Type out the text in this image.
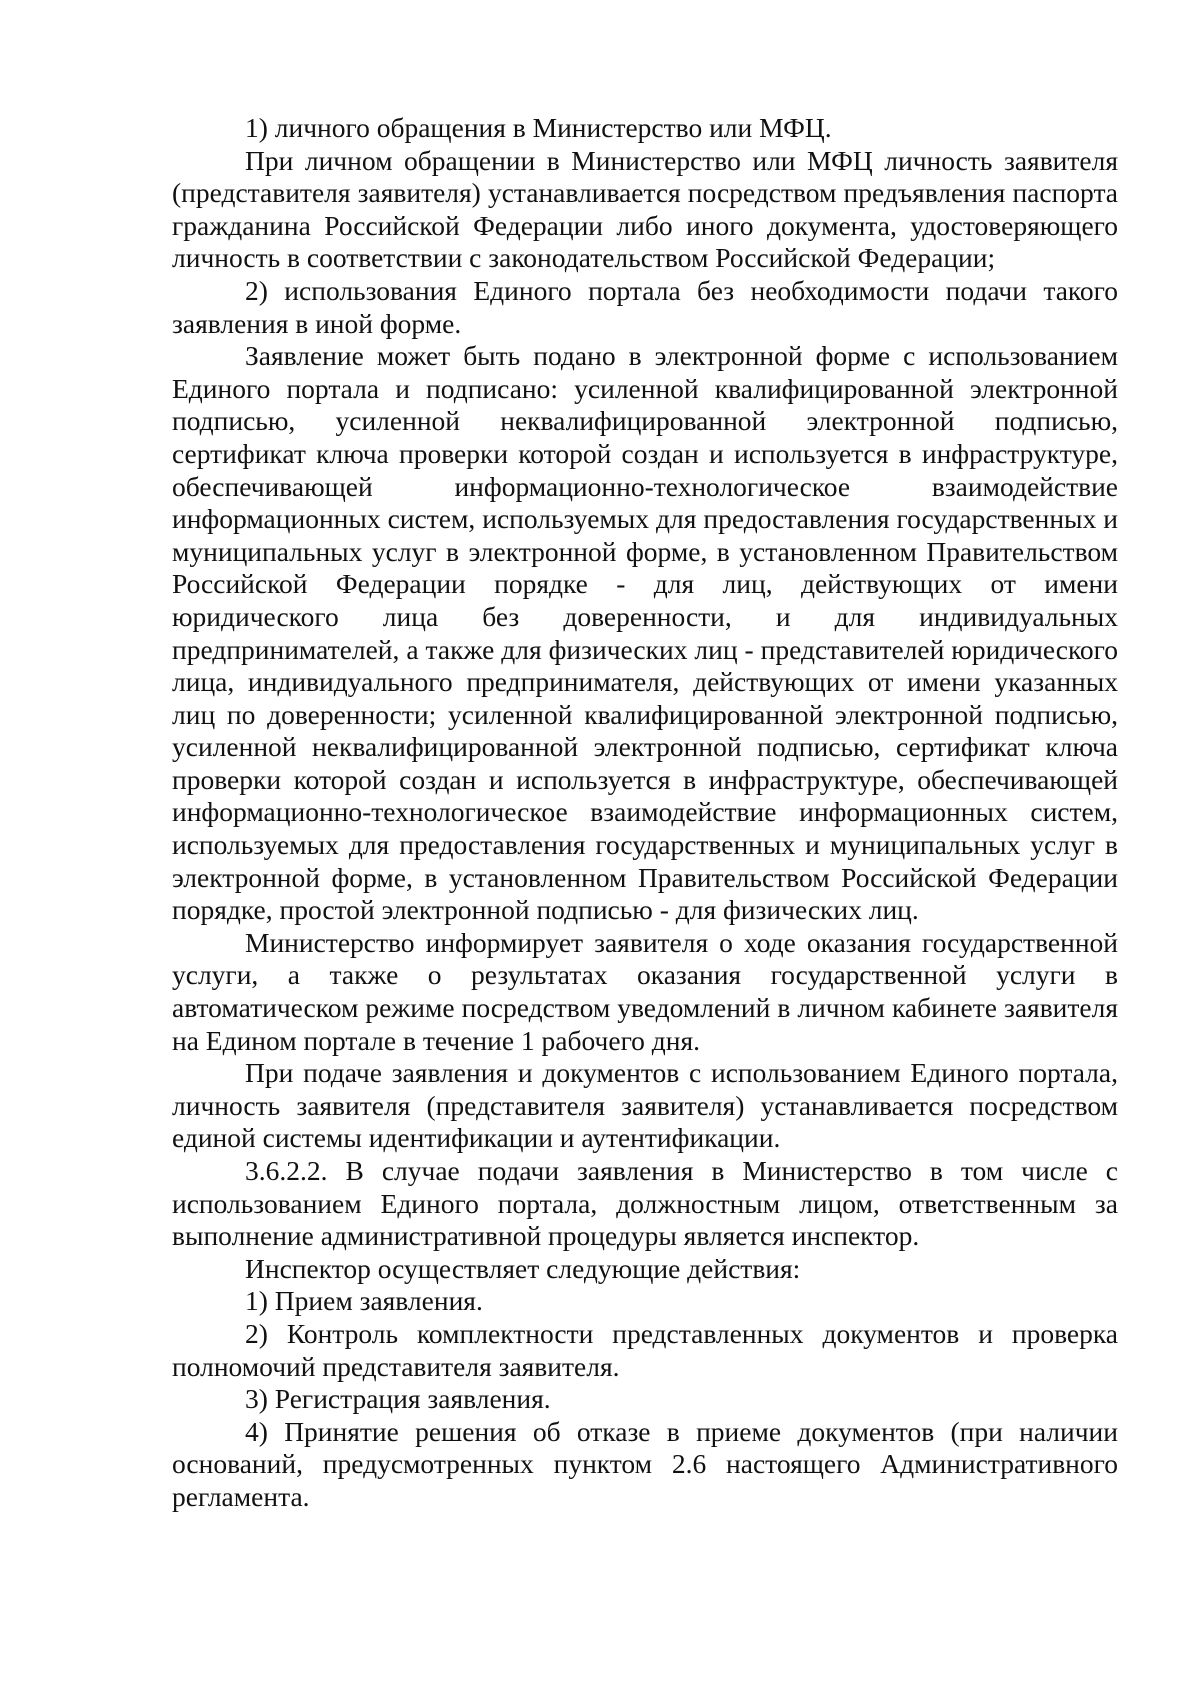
1) личного обращения в Министерство или МФЦ.

При личном обращении в Министерство или МФЦ личность заявителя (представителя заявителя) устанавливается посредством предъявления паспорта гражданина Российской Федерации либо иного документа, удостоверяющего личность в соответствии с законодательством Российской Федерации;

2) использования Единого портала без необходимости подачи такого заявления в иной форме.

Заявление может быть подано в электронной форме с использованием Единого портала и подписано: усиленной квалифицированной электронной подписью, усиленной неквалифицированной электронной подписью, сертификат ключа проверки которой создан и используется в инфраструктуре, обеспечивающей информационно-технологическое взаимодействие информационных систем, используемых для предоставления государственных и муниципальных услуг в электронной форме, в установленном Правительством Российской Федерации порядке - для лиц, действующих от имени юридического лица без доверенности, и для индивидуальных предпринимателей, а также для физических лиц - представителей юридического лица, индивидуального предпринимателя, действующих от имени указанных лиц по доверенности; усиленной квалифицированной электронной подписью, усиленной неквалифицированной электронной подписью, сертификат ключа проверки которой создан и используется в инфраструктуре, обеспечивающей информационно-технологическое взаимодействие информационных систем, используемых для предоставления государственных и муниципальных услуг в электронной форме, в установленном Правительством Российской Федерации порядке, простой электронной подписью - для физических лиц.

Министерство информирует заявителя о ходе оказания государственной услуги, а также о результатах оказания государственной услуги в автоматическом режиме посредством уведомлений в личном кабинете заявителя на Едином портале в течение 1 рабочего дня.

При подаче заявления и документов с использованием Единого портала, личность заявителя (представителя заявителя) устанавливается посредством единой системы идентификации и аутентификации.

3.6.2.2. В случае подачи заявления в Министерство в том числе с использованием Единого портала, должностным лицом, ответственным за выполнение административной процедуры является инспектор.

Инспектор осуществляет следующие действия:

1) Прием заявления.

2) Контроль комплектности представленных документов и проверка полномочий представителя заявителя.

3) Регистрация заявления.

4) Принятие решения об отказе в приеме документов (при наличии оснований, предусмотренных пунктом 2.6 настоящего Административного регламента.
